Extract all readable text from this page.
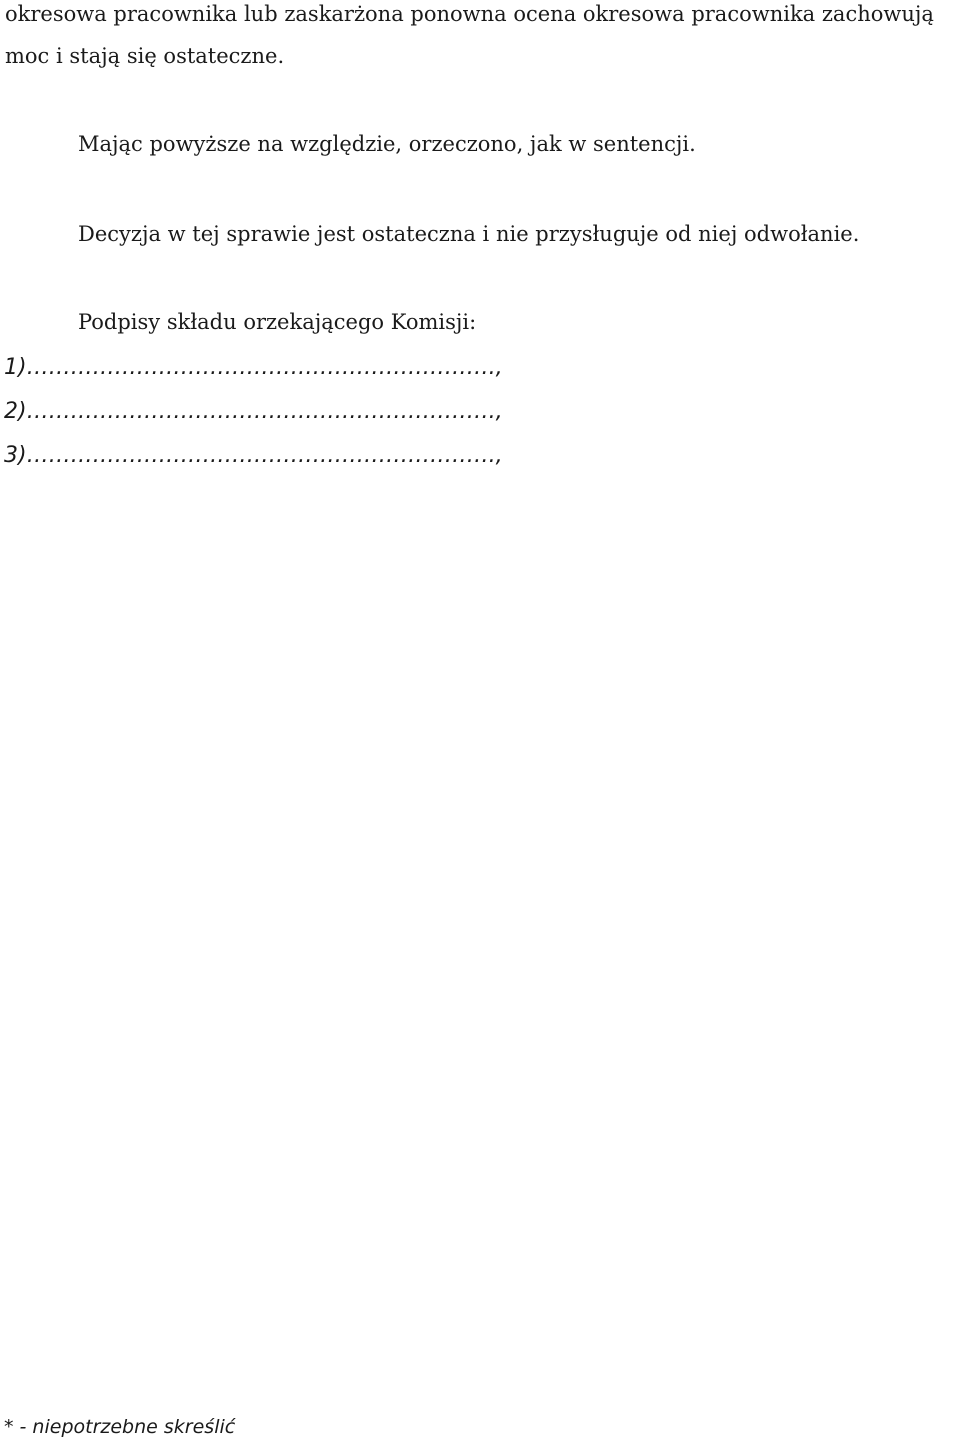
okresowa pracownika lub zaskarżona ponowna ocena okresowa pracownika zachowują
moc i stają się ostateczne.
Mając powyższe na względzie, orzeczono, jak w sentencji.
Decyzja w tej sprawie jest ostateczna i nie przysługuje od niej odwołanie.
Podpisy składu orzekającego Komisji:
1)……………………………………………………….,
2)……………………………………………………….,
3)……………………………………………………….,
* - niepotrzebne skreślić
